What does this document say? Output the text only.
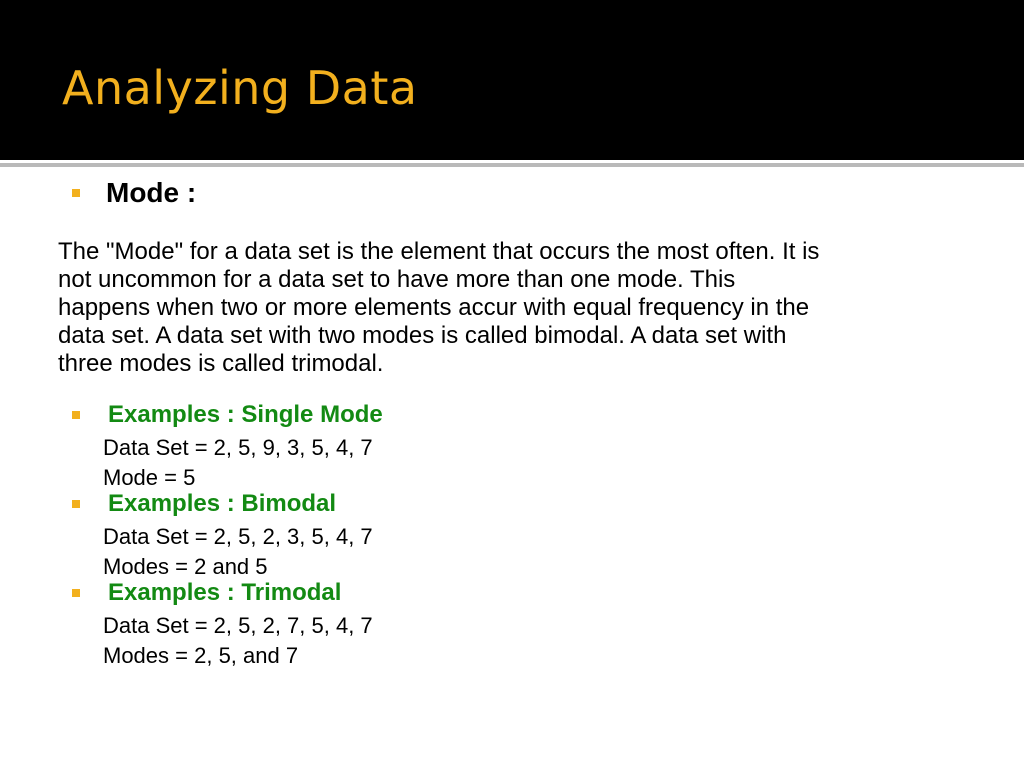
Analyzing Data
Mode :

The "Mode" for a data set is the element that occurs the most often. It is
not uncommon for a data set to have more than one mode. This
happens when two or more elements accur with equal frequency in the
data set. A data set with two modes is called bimodal. A data set with
three modes is called trimodal.

Examples : Single Mode
Data Set = 2, 5, 9, 3, 5, 4, 7
Mode = 5
Examples : Bimodal
Data Set = 2, 5, 2, 3, 5, 4, 7
Modes = 2 and 5
Examples : Trimodal
Data Set = 2, 5, 2, 7, 5, 4, 7
Modes = 2, 5, and 7
